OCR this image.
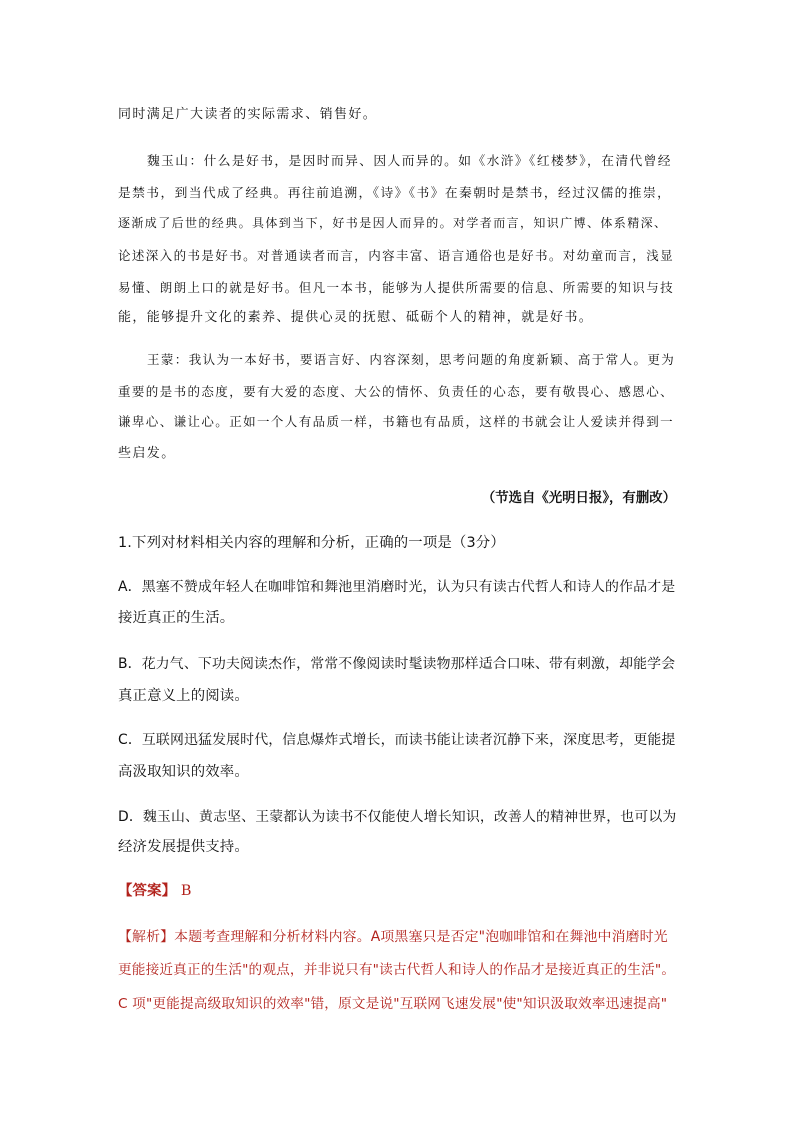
同时满足广大读者的实际需求、销售好。
魏玉山：什么是好书，是因时而异、因人而异的。如《水浒》《红楼梦》，在清代曾经
是禁书，到当代成了经典。再往前追溯，《诗》《书》在秦朝时是禁书，经过汉儒的推崇，
逐渐成了后世的经典。具体到当下，好书是因人而异的。对学者而言，知识广博、体系精深、
论述深入的书是好书。对普通读者而言，内容丰富、语言通俗也是好书。对幼童而言，浅显
易懂、朗朗上口的就是好书。但凡一本书，能够为人提供所需要的信息、所需要的知识与技
能，能够提升文化的素养、提供心灵的抚慰、砥砺个人的精神，就是好书。
王蒙：我认为一本好书，要语言好、内容深刻，思考问题的角度新颖、高于常人。更为
重要的是书的态度，要有大爱的态度、大公的情怀、负责任的心态，要有敬畏心、感恩心、
谦卑心、谦让心。正如一个人有品质一样，书籍也有品质，这样的书就会让人爱读并得到一
些启发。
（节选自《光明日报》，有删改）
1.下列对材料相关内容的理解和分析，正确的一项是（3分）
A．黑塞不赞成年轻人在咖啡馆和舞池里消磨时光，认为只有读古代哲人和诗人的作品才是
接近真正的生活。
B．花力气、下功夫阅读杰作，常常不像阅读时髦读物那样适合口味、带有刺激，却能学会
真正意义上的阅读。
C．互联网迅猛发展时代，信息爆炸式增长，而读书能让读者沉静下来，深度思考，更能提
高汲取知识的效率。
D．魏玉山、黄志坚、王蒙都认为读书不仅能使人增长知识，改善人的精神世界，也可以为
经济发展提供支持。
【答案】 B
【解析】本题考查理解和分析材料内容。A项黑塞只是否定"泡咖啡馆和在舞池中消磨时光
更能接近真正的生活"的观点，并非说只有"读古代哲人和诗人的作品才是接近真正的生活"。
C 项"更能提高级取知识的效率"错，原文是说"互联网飞速发展"使"知识汲取效率迅速提高"
